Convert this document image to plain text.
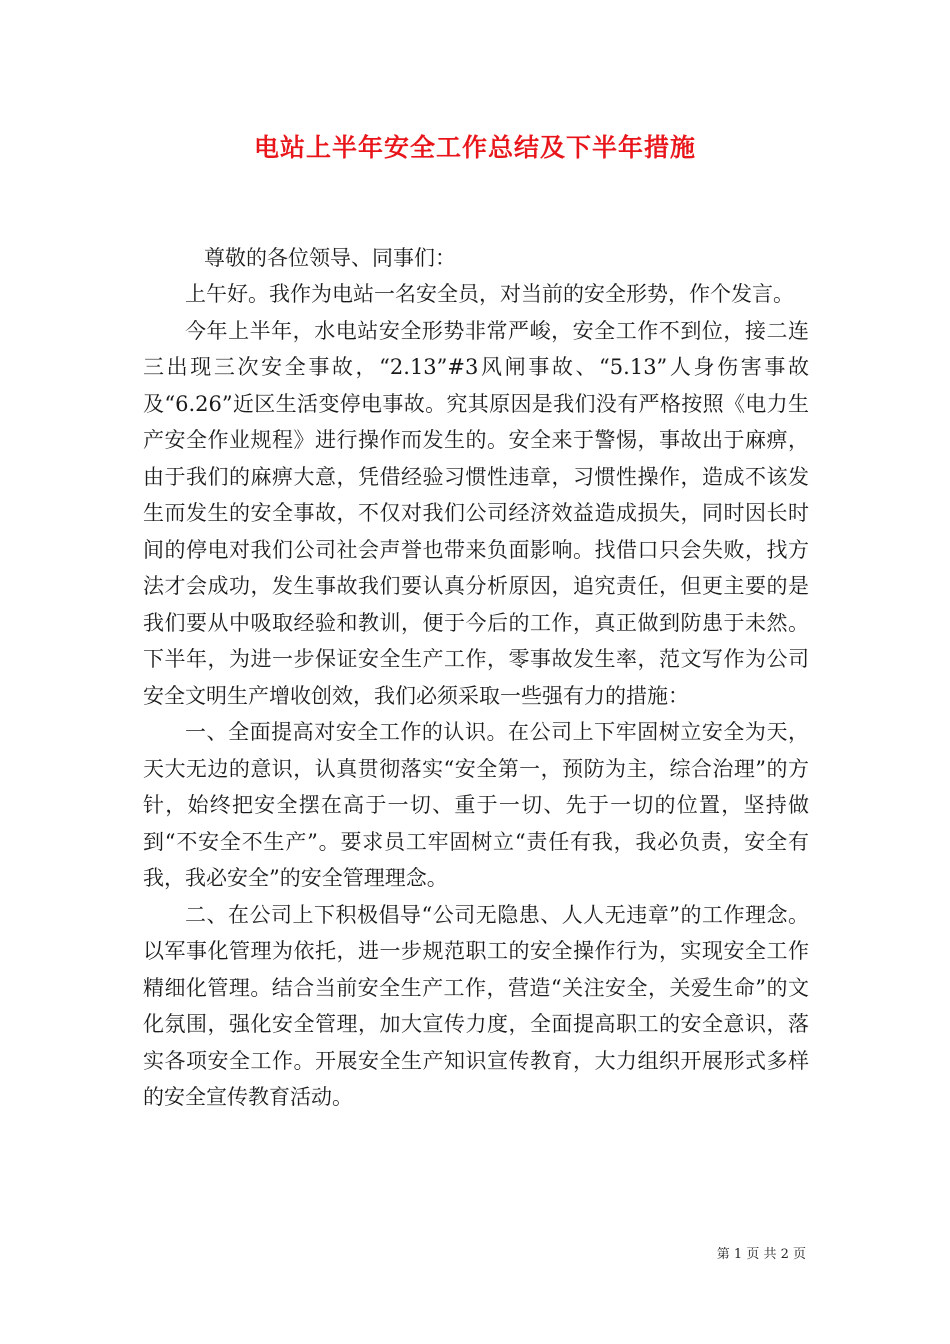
电站上半年安全工作总结及下半年措施

尊敬的各位领导、同事们：

上午好。我作为电站一名安全员，对当前的安全形势，作个发言。

今年上半年，水电站安全形势非常严峻，安全工作不到位，接二连三出现三次安全事故，“2.13”#3风闸事故、“5.13”人身伤害事故及“6.26”近区生活变停电事故。究其原因是我们没有严格按照《电力生产安全作业规程》进行操作而发生的。安全来于警惕，事故出于麻痹，由于我们的麻痹大意，凭借经验习惯性违章，习惯性操作，造成不该发生而发生的安全事故，不仅对我们公司经济效益造成损失，同时因长时间的停电对我们公司社会声誉也带来负面影响。找借口只会失败，找方法才会成功，发生事故我们要认真分析原因，追究责任，但更主要的是我们要从中吸取经验和教训，便于今后的工作，真正做到防患于未然。下半年，为进一步保证安全生产工作，零事故发生率，范文写作为公司安全文明生产增收创效，我们必须采取一些强有力的措施：

一、全面提高对安全工作的认识。在公司上下牢固树立安全为天，天大无边的意识，认真贯彻落实“安全第一，预防为主，综合治理”的方针，始终把安全摆在高于一切、重于一切、先于一切的位置，坚持做到“不安全不生产”。要求员工牢固树立“责任有我，我必负责，安全有我，我必安全”的安全管理理念。

二、在公司上下积极倡导“公司无隐患、人人无违章”的工作理念。以军事化管理为依托，进一步规范职工的安全操作行为，实现安全工作精细化管理。结合当前安全生产工作，营造“关注安全，关爱生命”的文化氛围，强化安全管理，加大宣传力度，全面提高职工的安全意识，落实各项安全工作。开展安全生产知识宣传教育，大力组织开展形式多样的安全宣传教育活动。

第 1 页 共 2 页
